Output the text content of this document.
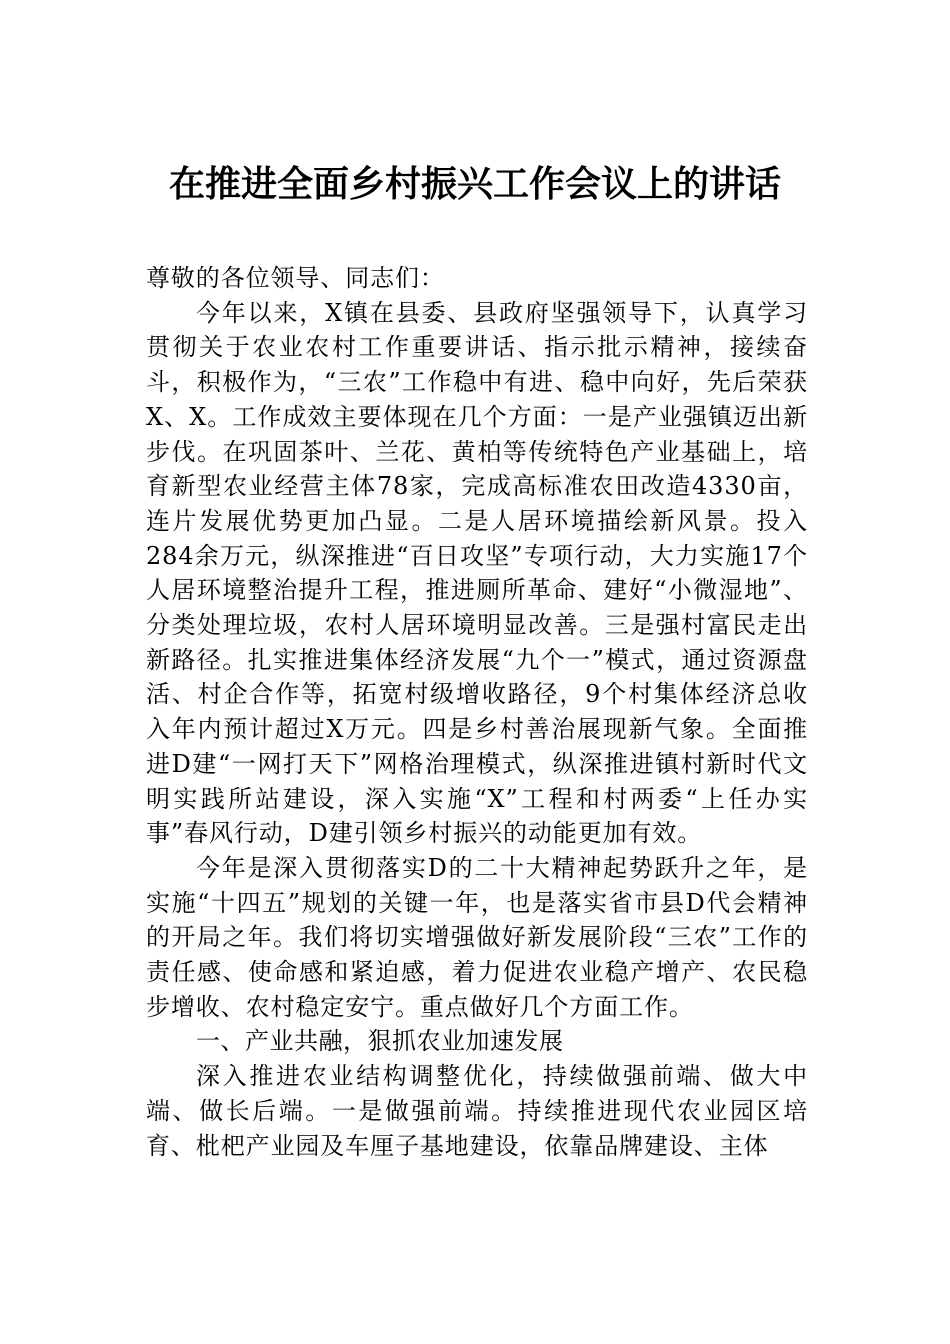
在推进全面乡村振兴工作会议上的讲话

尊敬的各位领导、同志们：

今年以来，X镇在县委、县政府坚强领导下，认真学习贯彻关于农业农村工作重要讲话、指示批示精神，接续奋斗，积极作为，“三农”工作稳中有进、稳中向好，先后荣获X、X。工作成效主要体现在几个方面：一是产业强镇迈出新步伐。在巩固茶叶、兰花、黄柏等传统特色产业基础上，培育新型农业经营主体78家，完成高标准农田改造4330亩，连片发展优势更加凸显。二是人居环境描绘新风景。投入284余万元，纵深推进“百日攻坚”专项行动，大力实施17个人居环境整治提升工程，推进厕所革命、建好“小微湿地”、分类处理垃圾，农村人居环境明显改善。三是强村富民走出新路径。扎实推进集体经济发展“九个一”模式，通过资源盘活、村企合作等，拓宽村级增收路径，9个村集体经济总收入年内预计超过X万元。四是乡村善治展现新气象。全面推进D建“一网打天下”网格治理模式，纵深推进镇村新时代文明实践所站建设，深入实施“X”工程和村两委“上任办实事”春风行动，D建引领乡村振兴的动能更加有效。

今年是深入贯彻落实D的二十大精神起势跃升之年，是实施“十四五”规划的关键一年，也是落实省市县D代会精神的开局之年。我们将切实增强做好新发展阶段“三农”工作的责任感、使命感和紧迫感，着力促进农业稳产增产、农民稳步增收、农村稳定安宁。重点做好几个方面工作。

一、产业共融，狠抓农业加速发展

深入推进农业结构调整优化，持续做强前端、做大中端、做长后端。一是做强前端。持续推进现代农业园区培育、枇杷产业园及车厘子基地建设，依靠品牌建设、主体
